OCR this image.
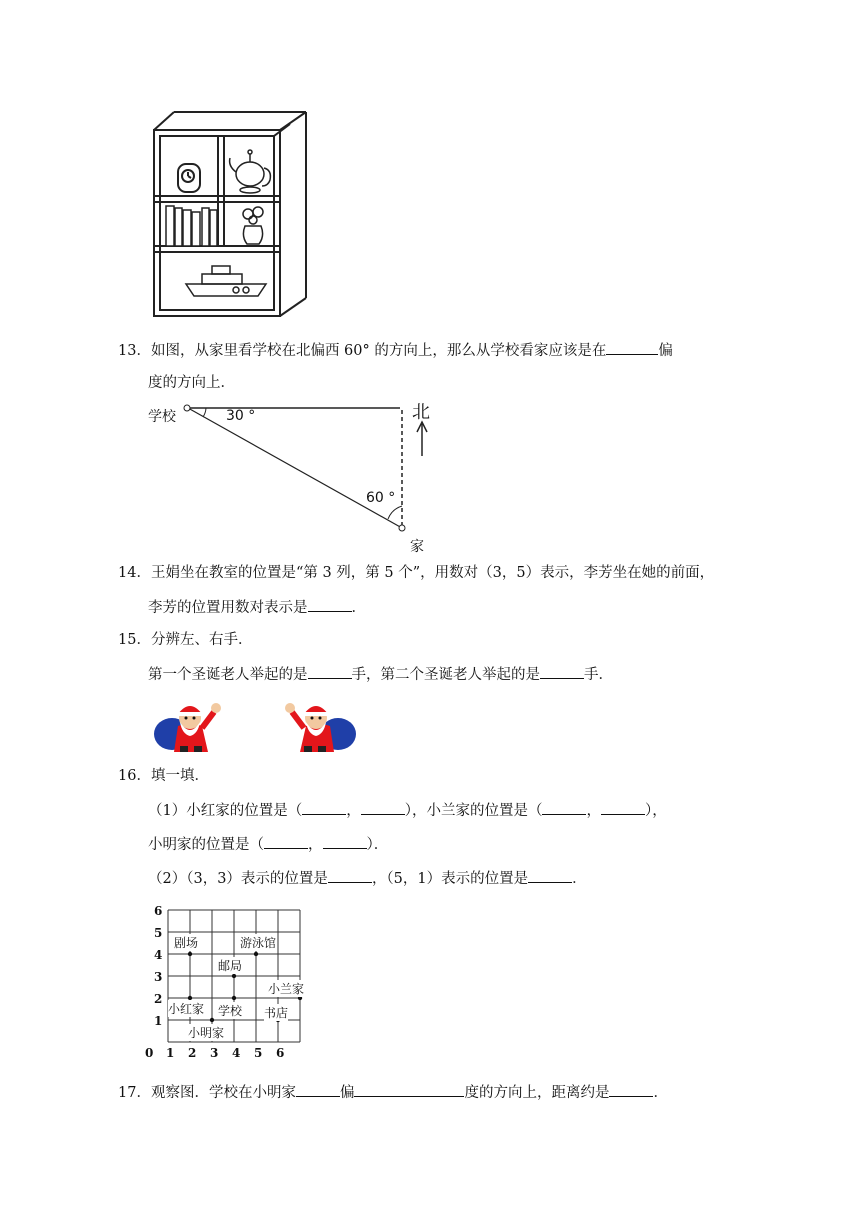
13．如图，从家里看学校在北偏西 60° 的方向上，那么从学校看家应该是在	偏
度的方向上．
学校	30 °
60 °
北
家
14．王娟坐在教室的位置是“第 3 列，第 5 个”，用数对（3，5）表示，李芳坐在她的前面，
李芳的位置用数对表示是	．
15．分辨左、右手．
第一个圣诞老人举起的是	手，第二个圣诞老人举起的是	手．
16．填一填．
（1）小红家的位置是（	，	），小兰家的位置是（	，	），
小明家的位置是（	，	）．
（2）（3，3）表示的位置是	，（5，1）表示的位置是	．
0 1 2 3 4 5 6
1
2
3
4
5
6
剧场	游泳馆
邮局
小兰家
小红家 学校 书店
小明家
17．观察图．学校在小明家	偏	度的方向上，距离约是	．
